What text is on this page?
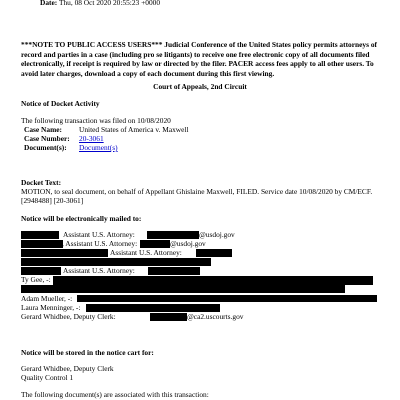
Date: Thu, 08 Oct 2020 20:55:23 +0000
***NOTE TO PUBLIC ACCESS USERS*** Judicial Conference of the United States policy permits attorneys of record and parties in a case (including pro se litigants) to receive one free electronic copy of all documents filed electronically, if receipt is required by law or directed by the filer. PACER access fees apply to all other users. To avoid later charges, download a copy of each document during this first viewing.
Court of Appeals, 2nd Circuit
Notice of Docket Activity
The following transaction was filed on 10/08/2020
Case Name:	United States of America v. Maxwell
Case Number:	20-3061
Document(s):	Document(s)
Docket Text:
MOTION, to seal document, on behalf of Appellant Ghislaine Maxwell, FILED. Service date 10/08/2020 by CM/ECF. [2948488] [20-3061]
Notice will be electronically mailed to:
Assistant U.S. Attorney:	@usdoj.gov
, Assistant U.S. Attorney:	@usdoj.gov
Assistant U.S. Attorney:
Assistant U.S. Attorney:
Ty Gee, -:
Adam Mueller, -:
Laura Menninger, -:
Gerard Whidbee, Deputy Clerk:	@ca2.uscourts.gov
Notice will be stored in the notice cart for:
Gerard Whidbee, Deputy Clerk
Quality Control 1
The following document(s) are associated with this transaction:
